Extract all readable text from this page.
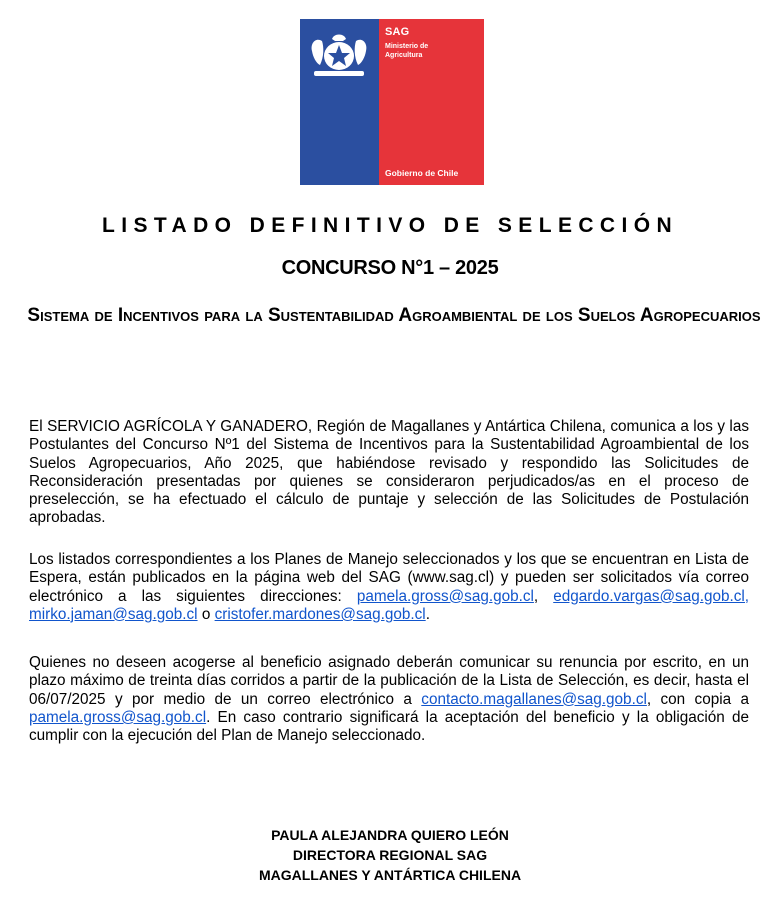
SAG
Ministerio de
Agricultura
Gobierno de Chile
LISTADO DEFINITIVO DE SELECCIÓN
CONCURSO N°1 – 2025
Sistema de Incentivos para la Sustentabilidad Agroambiental de los Suelos Agropecuarios
El SERVICIO AGRÍCOLA Y GANADERO, Región de Magallanes y Antártica Chilena, comunica a los y las Postulantes del Concurso Nº1 del Sistema de Incentivos para la Sustentabilidad Agroambiental de los Suelos Agropecuarios, Año 2025, que habiéndose revisado y respondido las Solicitudes de Reconsideración presentadas por quienes se consideraron perjudicados/as en el proceso de preselección, se ha efectuado el cálculo de puntaje y selección de las Solicitudes de Postulación aprobadas.
Los listados correspondientes a los Planes de Manejo seleccionados y los que se encuentran en Lista de Espera, están publicados en la página web del SAG (www.sag.cl) y pueden ser solicitados vía correo electrónico a las siguientes direcciones: pamela.gross@sag.gob.cl, edgardo.vargas@sag.gob.cl, mirko.jaman@sag.gob.cl o cristofer.mardones@sag.gob.cl.
Quienes no deseen acogerse al beneficio asignado deberán comunicar su renuncia por escrito, en un plazo máximo de treinta días corridos a partir de la publicación de la Lista de Selección, es decir, hasta el 06/07/2025 y por medio de un correo electrónico a contacto.magallanes@sag.gob.cl, con copia a pamela.gross@sag.gob.cl. En caso contrario significará la aceptación del beneficio y la obligación de cumplir con la ejecución del Plan de Manejo seleccionado.
PAULA ALEJANDRA QUIERO LEÓN
DIRECTORA REGIONAL SAG
MAGALLANES Y ANTÁRTICA CHILENA
